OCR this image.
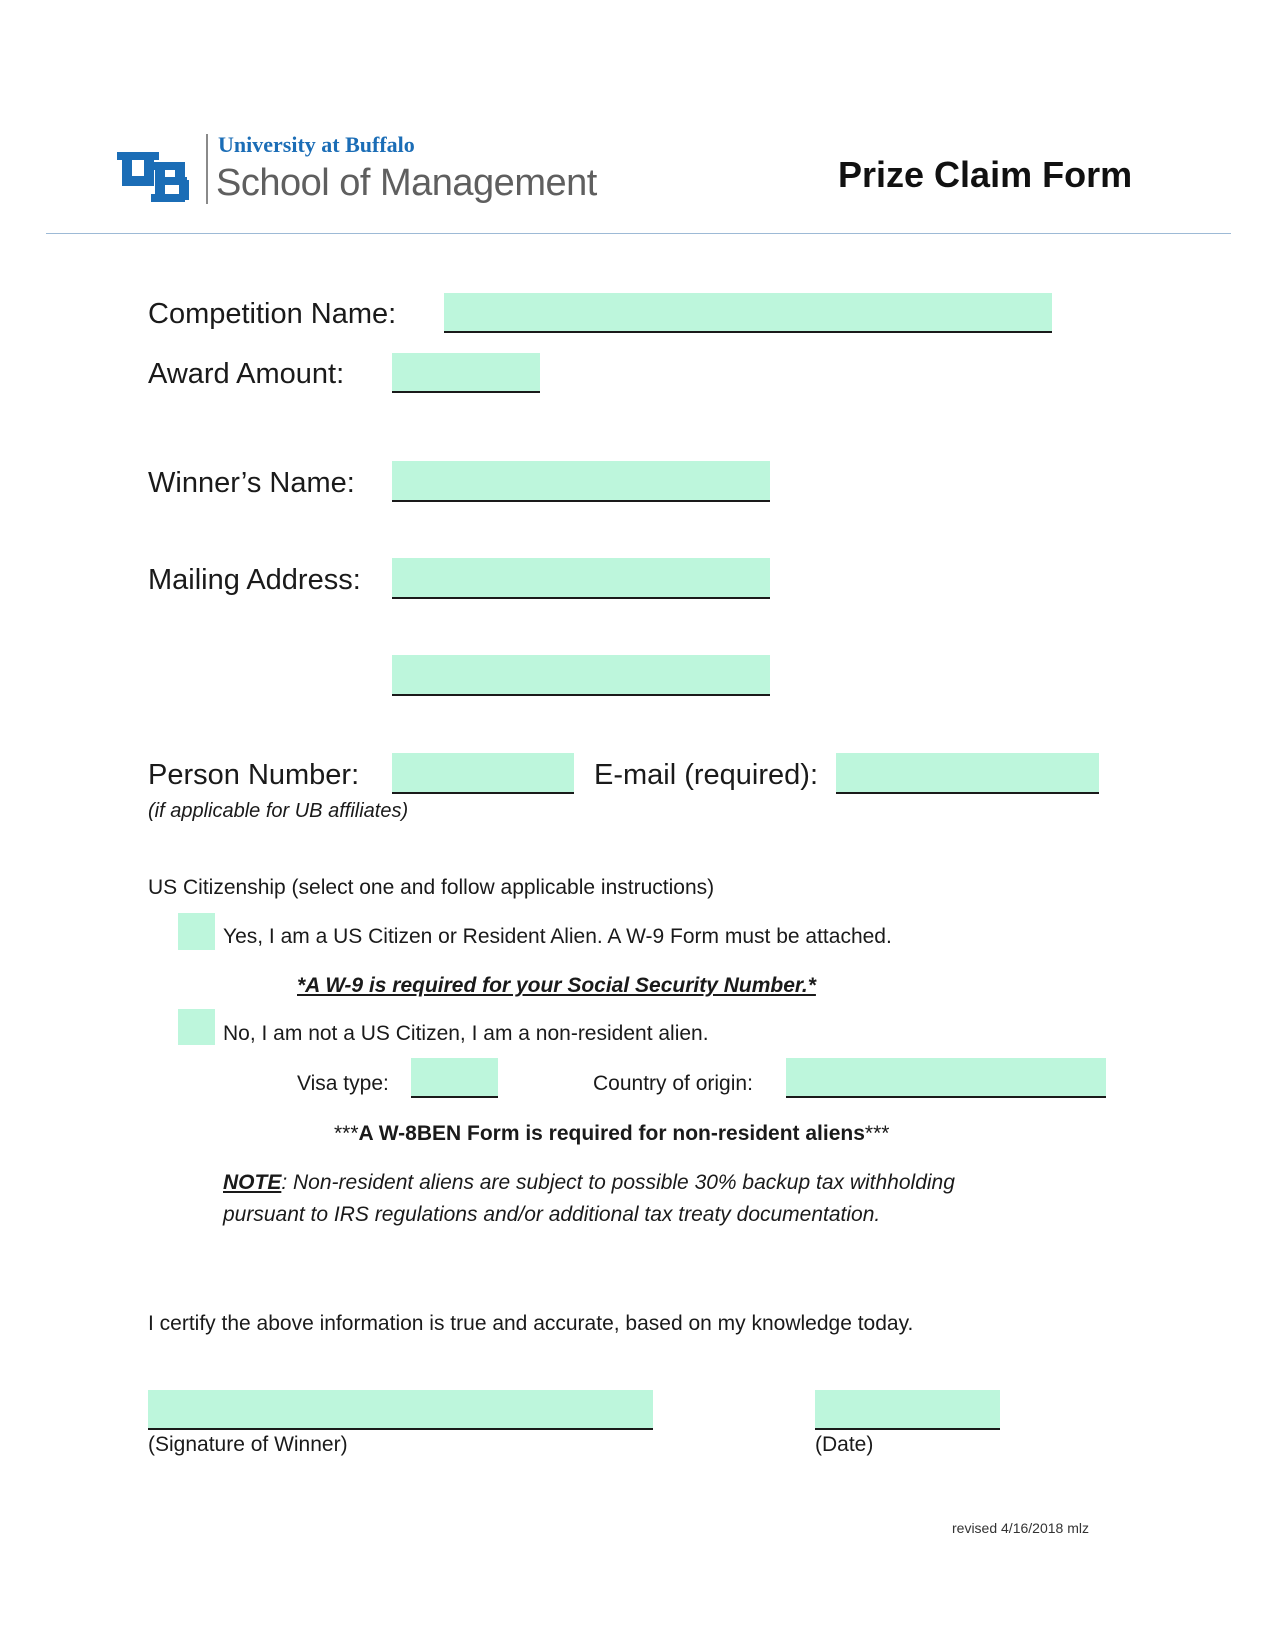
University at Buffalo
School of Management	Prize Claim Form
Competition Name:
Award Amount:
Winner’s Name:
Mailing Address:
Person Number:	E-mail (required):
(if applicable for UB affiliates)
US Citizenship (select one and follow applicable instructions)
Yes, I am a US Citizen or Resident Alien. A W-9 Form must be attached.
*A W-9 is required for your Social Security Number.*
No, I am not a US Citizen, I am a non-resident alien.
Visa type:	Country of origin:
***A W-8BEN Form is required for non-resident aliens***
NOTE: Non-resident aliens are subject to possible 30% backup tax withholding
pursuant to IRS regulations and/or additional tax treaty documentation.
I certify the above information is true and accurate, based on my knowledge today.
(Signature of Winner)	(Date)
revised 4/16/2018 mlz
